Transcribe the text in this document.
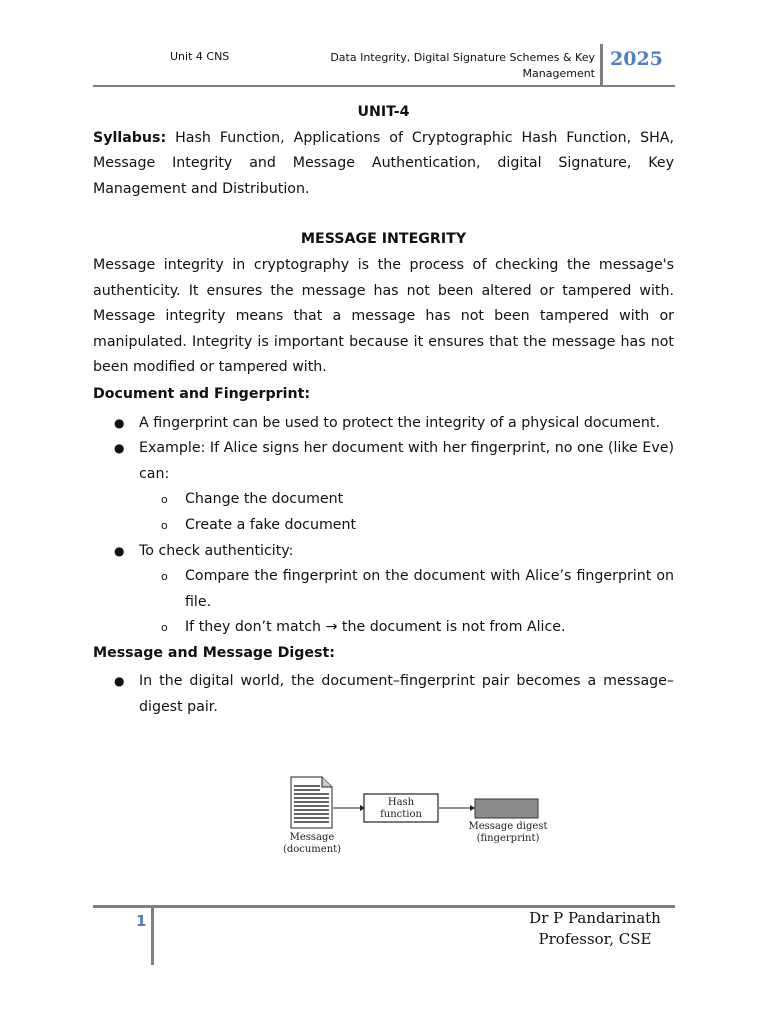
Unit 4 CNS	Data Integrity, Digital Signature Schemes & Key Management
2025

UNIT-4

Syllabus: Hash Function, Applications of Cryptographic Hash Function, SHA, Message Integrity and Message Authentication, digital Signature, Key Management and Distribution.

MESSAGE INTEGRITY

Message integrity in cryptography is the process of checking the message's authenticity. It ensures the message has not been altered or tampered with. Message integrity means that a message has not been tampered with or manipulated. Integrity is important because it ensures that the message has not been modified or tampered with.

Document and Fingerprint:

● A fingerprint can be used to protect the integrity of a physical document.
● Example: If Alice signs her document with her fingerprint, no one (like Eve) can:
o Change the document
o Create a fake document
● To check authenticity:
o Compare the fingerprint on the document with Alice’s fingerprint on file.
o If they don’t match → the document is not from Alice.

Message and Message Digest:

● In the digital world, the document–fingerprint pair becomes a message–digest pair.
Hash
function
Message
(document)
Message digest
(fingerprint)
1	Dr P Pandarinath
Professor, CSE
